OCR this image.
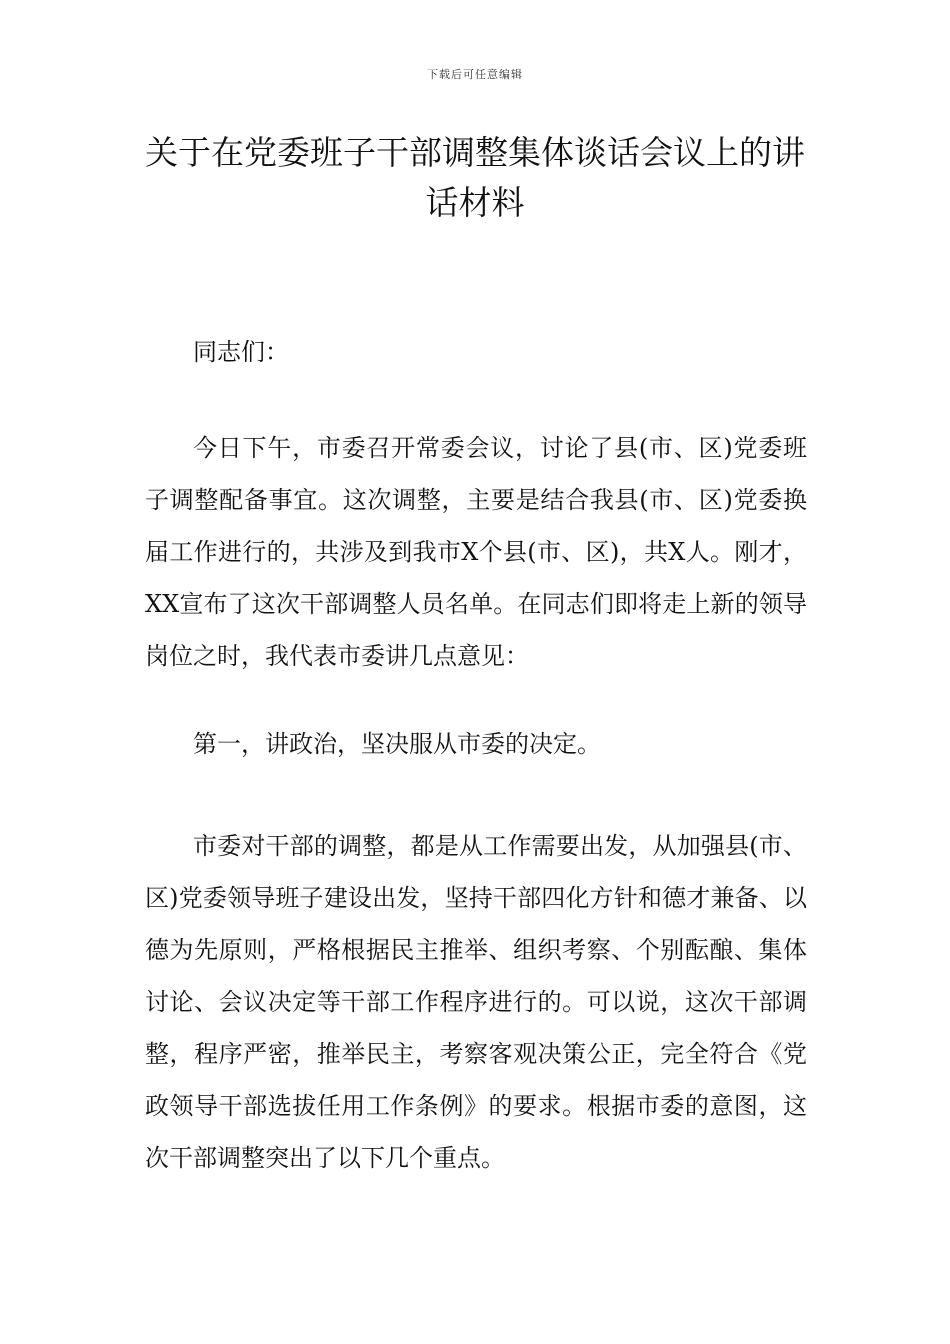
下载后可任意编辑
关于在党委班子干部调整集体谈话会议上的讲话材料

同志们：

今日下午，市委召开常委会议，讨论了县(市、区)党委班子调整配备事宜。这次调整，主要是结合我县(市、区)党委换届工作进行的，共涉及到我市X个县(市、区)，共X人。刚才，XX宣布了这次干部调整人员名单。在同志们即将走上新的领导岗位之时，我代表市委讲几点意见：

第一，讲政治，坚决服从市委的决定。

市委对干部的调整，都是从工作需要出发，从加强县(市、区)党委领导班子建设出发，坚持干部四化方针和德才兼备、以德为先原则，严格根据民主推举、组织考察、个别酝酿、集体讨论、会议决定等干部工作程序进行的。可以说，这次干部调整，程序严密，推举民主，考察客观决策公正，完全符合《党政领导干部选拔任用工作条例》的要求。根据市委的意图，这次干部调整突出了以下几个重点。
